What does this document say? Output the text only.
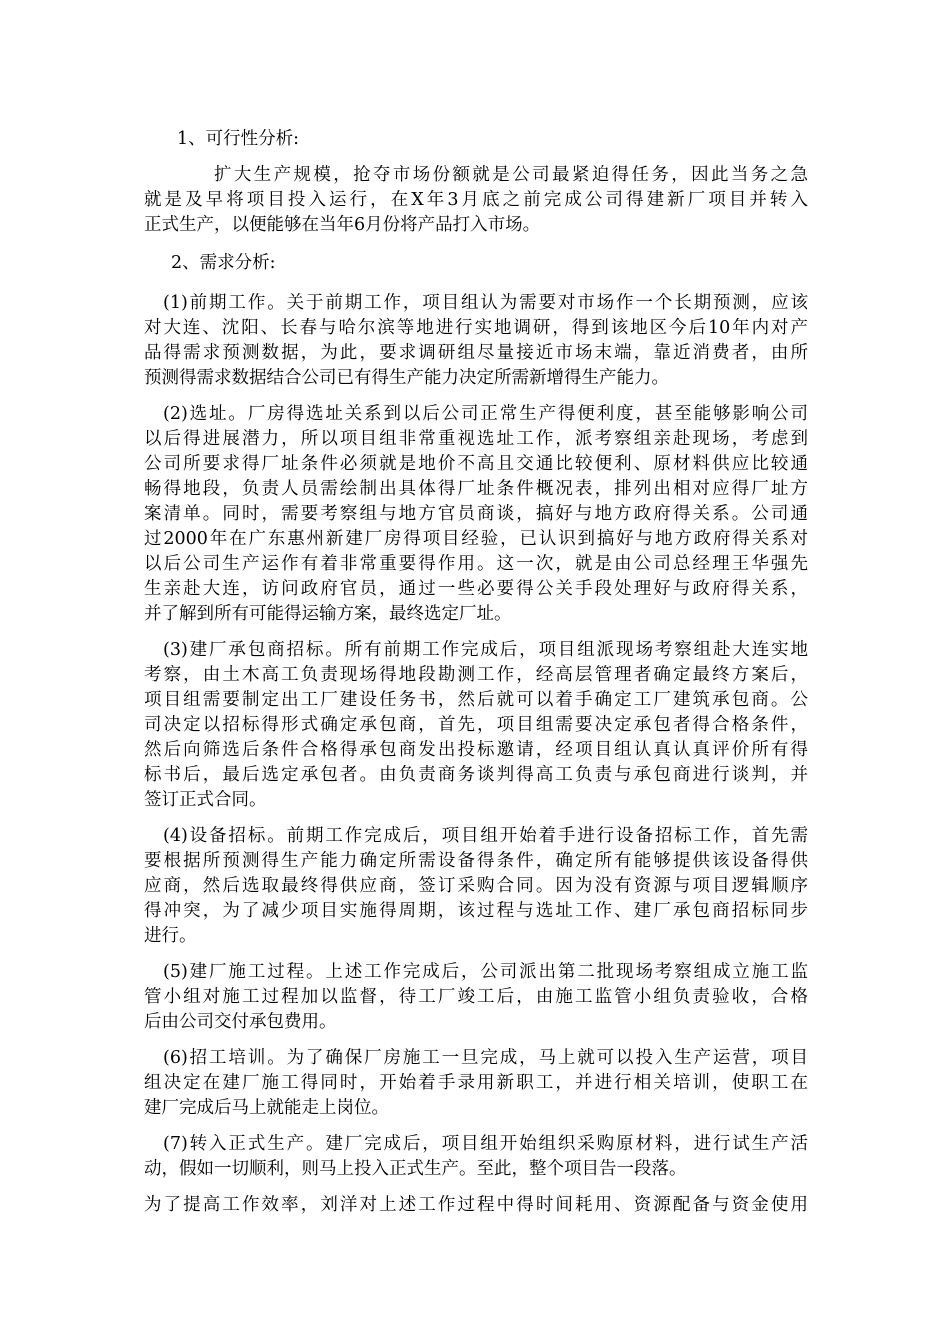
1、可行性分析:
扩大生产规模，抢夺市场份额就是公司最紧迫得任务，因此当务之急
就是及早将项目投入运行，在X年3月底之前完成公司得建新厂项目并转入
正式生产，以便能够在当年6月份将产品打入市场。
2、需求分析:
(1)前期工作。关于前期工作，项目组认为需要对市场作一个长期预测，应该
对大连、沈阳、长春与哈尔滨等地进行实地调研，得到该地区今后10年内对产
品得需求预测数据，为此，要求调研组尽量接近市场末端，靠近消费者，由所
预测得需求数据结合公司已有得生产能力决定所需新增得生产能力。
(2)选址。厂房得选址关系到以后公司正常生产得便利度，甚至能够影响公司
以后得进展潜力，所以项目组非常重视选址工作，派考察组亲赴现场，考虑到
公司所要求得厂址条件必须就是地价不高且交通比较便利、原材料供应比较通
畅得地段，负责人员需绘制出具体得厂址条件概况表，排列出相对应得厂址方
案清单。同时，需要考察组与地方官员商谈，搞好与地方政府得关系。公司通
过2000年在广东惠州新建厂房得项目经验，已认识到搞好与地方政府得关系对
以后公司生产运作有着非常重要得作用。这一次，就是由公司总经理王华强先
生亲赴大连，访问政府官员，通过一些必要得公关手段处理好与政府得关系，
并了解到所有可能得运输方案，最终选定厂址。
(3)建厂承包商招标。所有前期工作完成后，项目组派现场考察组赴大连实地
考察，由土木高工负责现场得地段勘测工作，经高层管理者确定最终方案后，
项目组需要制定出工厂建设任务书，然后就可以着手确定工厂建筑承包商。公
司决定以招标得形式确定承包商，首先，项目组需要决定承包者得合格条件，
然后向筛选后条件合格得承包商发出投标邀请，经项目组认真认真评价所有得
标书后，最后选定承包者。由负责商务谈判得高工负责与承包商进行谈判，并
签订正式合同。
(4)设备招标。前期工作完成后，项目组开始着手进行设备招标工作，首先需
要根据所预测得生产能力确定所需设备得条件，确定所有能够提供该设备得供
应商，然后选取最终得供应商，签订采购合同。因为没有资源与项目逻辑顺序
得冲突，为了减少项目实施得周期，该过程与选址工作、建厂承包商招标同步
进行。
(5)建厂施工过程。上述工作完成后，公司派出第二批现场考察组成立施工监
管小组对施工过程加以监督，待工厂竣工后，由施工监管小组负责验收，合格
后由公司交付承包费用。
(6)招工培训。为了确保厂房施工一旦完成，马上就可以投入生产运营，项目
组决定在建厂施工得同时，开始着手录用新职工，并进行相关培训，使职工在
建厂完成后马上就能走上岗位。
(7)转入正式生产。建厂完成后，项目组开始组织采购原材料，进行试生产活
动，假如一切顺利，则马上投入正式生产。至此，整个项目告一段落。
为了提高工作效率，刘洋对上述工作过程中得时间耗用、资源配备与资金使用
